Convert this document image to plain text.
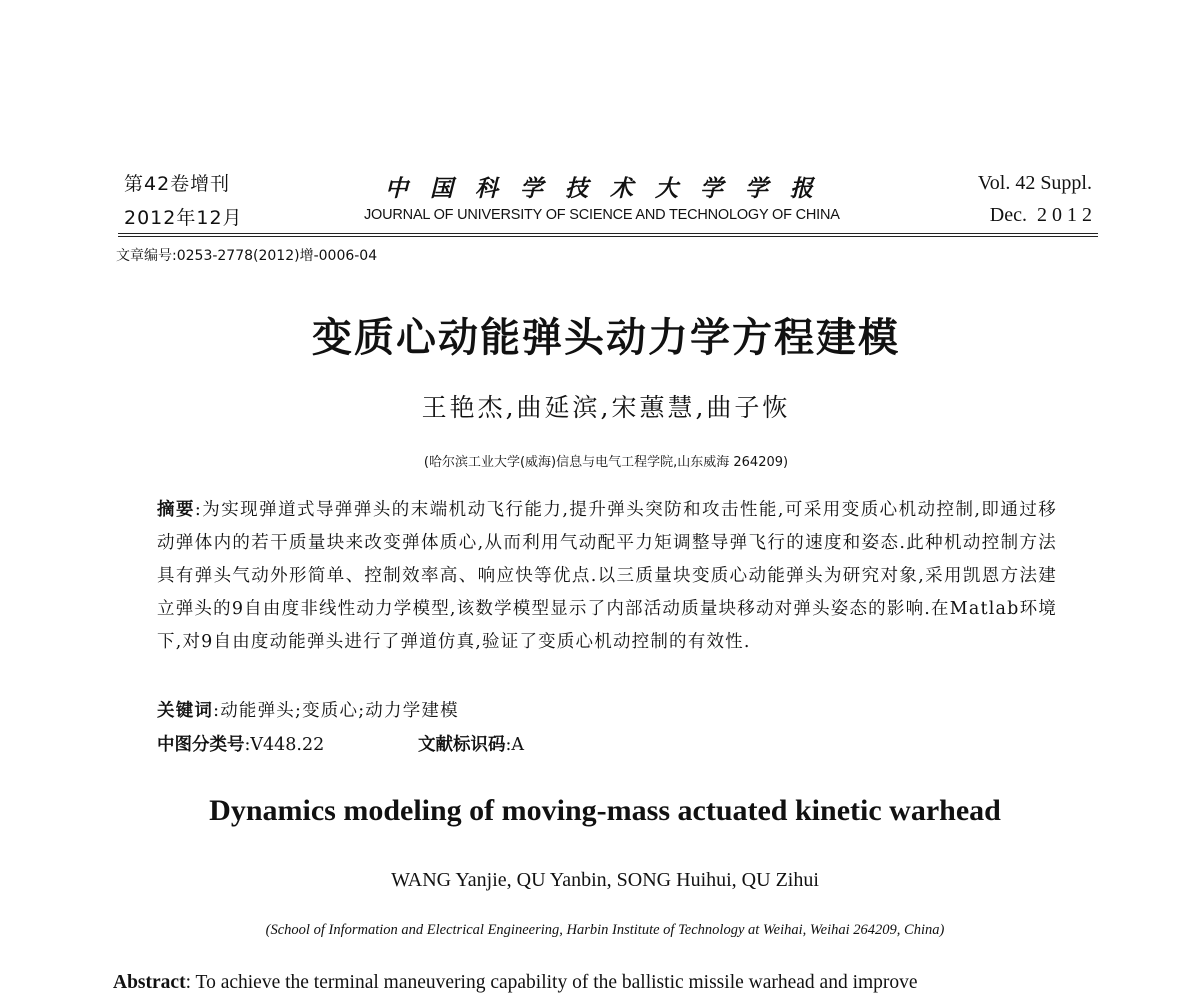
第42卷增刊
2012年12月
中国科学技术大学学报
JOURNAL OF UNIVERSITY OF SCIENCE AND TECHNOLOGY OF CHINA
Vol. 42 Suppl.
Dec.  2 0 1 2
文章编号:0253-2778(2012)增-0006-04
变质心动能弹头动力学方程建模
王艳杰,曲延滨,宋蕙慧,曲子恢
(哈尔滨工业大学(威海)信息与电气工程学院,山东威海 264209)
摘要:为实现弹道式导弹弹头的末端机动飞行能力,提升弹头突防和攻击性能,可采用变质心机动控制,即通过移动弹体内的若干质量块来改变弹体质心,从而利用气动配平力矩调整导弹飞行的速度和姿态.此种机动控制方法具有弹头气动外形简单、控制效率高、响应快等优点.以三质量块变质心动能弹头为研究对象,采用凯恩方法建立弹头的9自由度非线性动力学模型,该数学模型显示了内部活动质量块移动对弹头姿态的影响.在Matlab环境下,对9自由度动能弹头进行了弹道仿真,验证了变质心机动控制的有效性.
关键词:动能弹头;变质心;动力学建模
中图分类号:V448.22	文献标识码:A
Dynamics modeling of moving-mass actuated kinetic warhead
WANG Yanjie, QU Yanbin, SONG Huihui, QU Zihui
(School of Information and Electrical Engineering, Harbin Institute of Technology at Weihai, Weihai 264209, China)
Abstract: To achieve the terminal maneuvering capability of the ballistic missile warhead and improve
